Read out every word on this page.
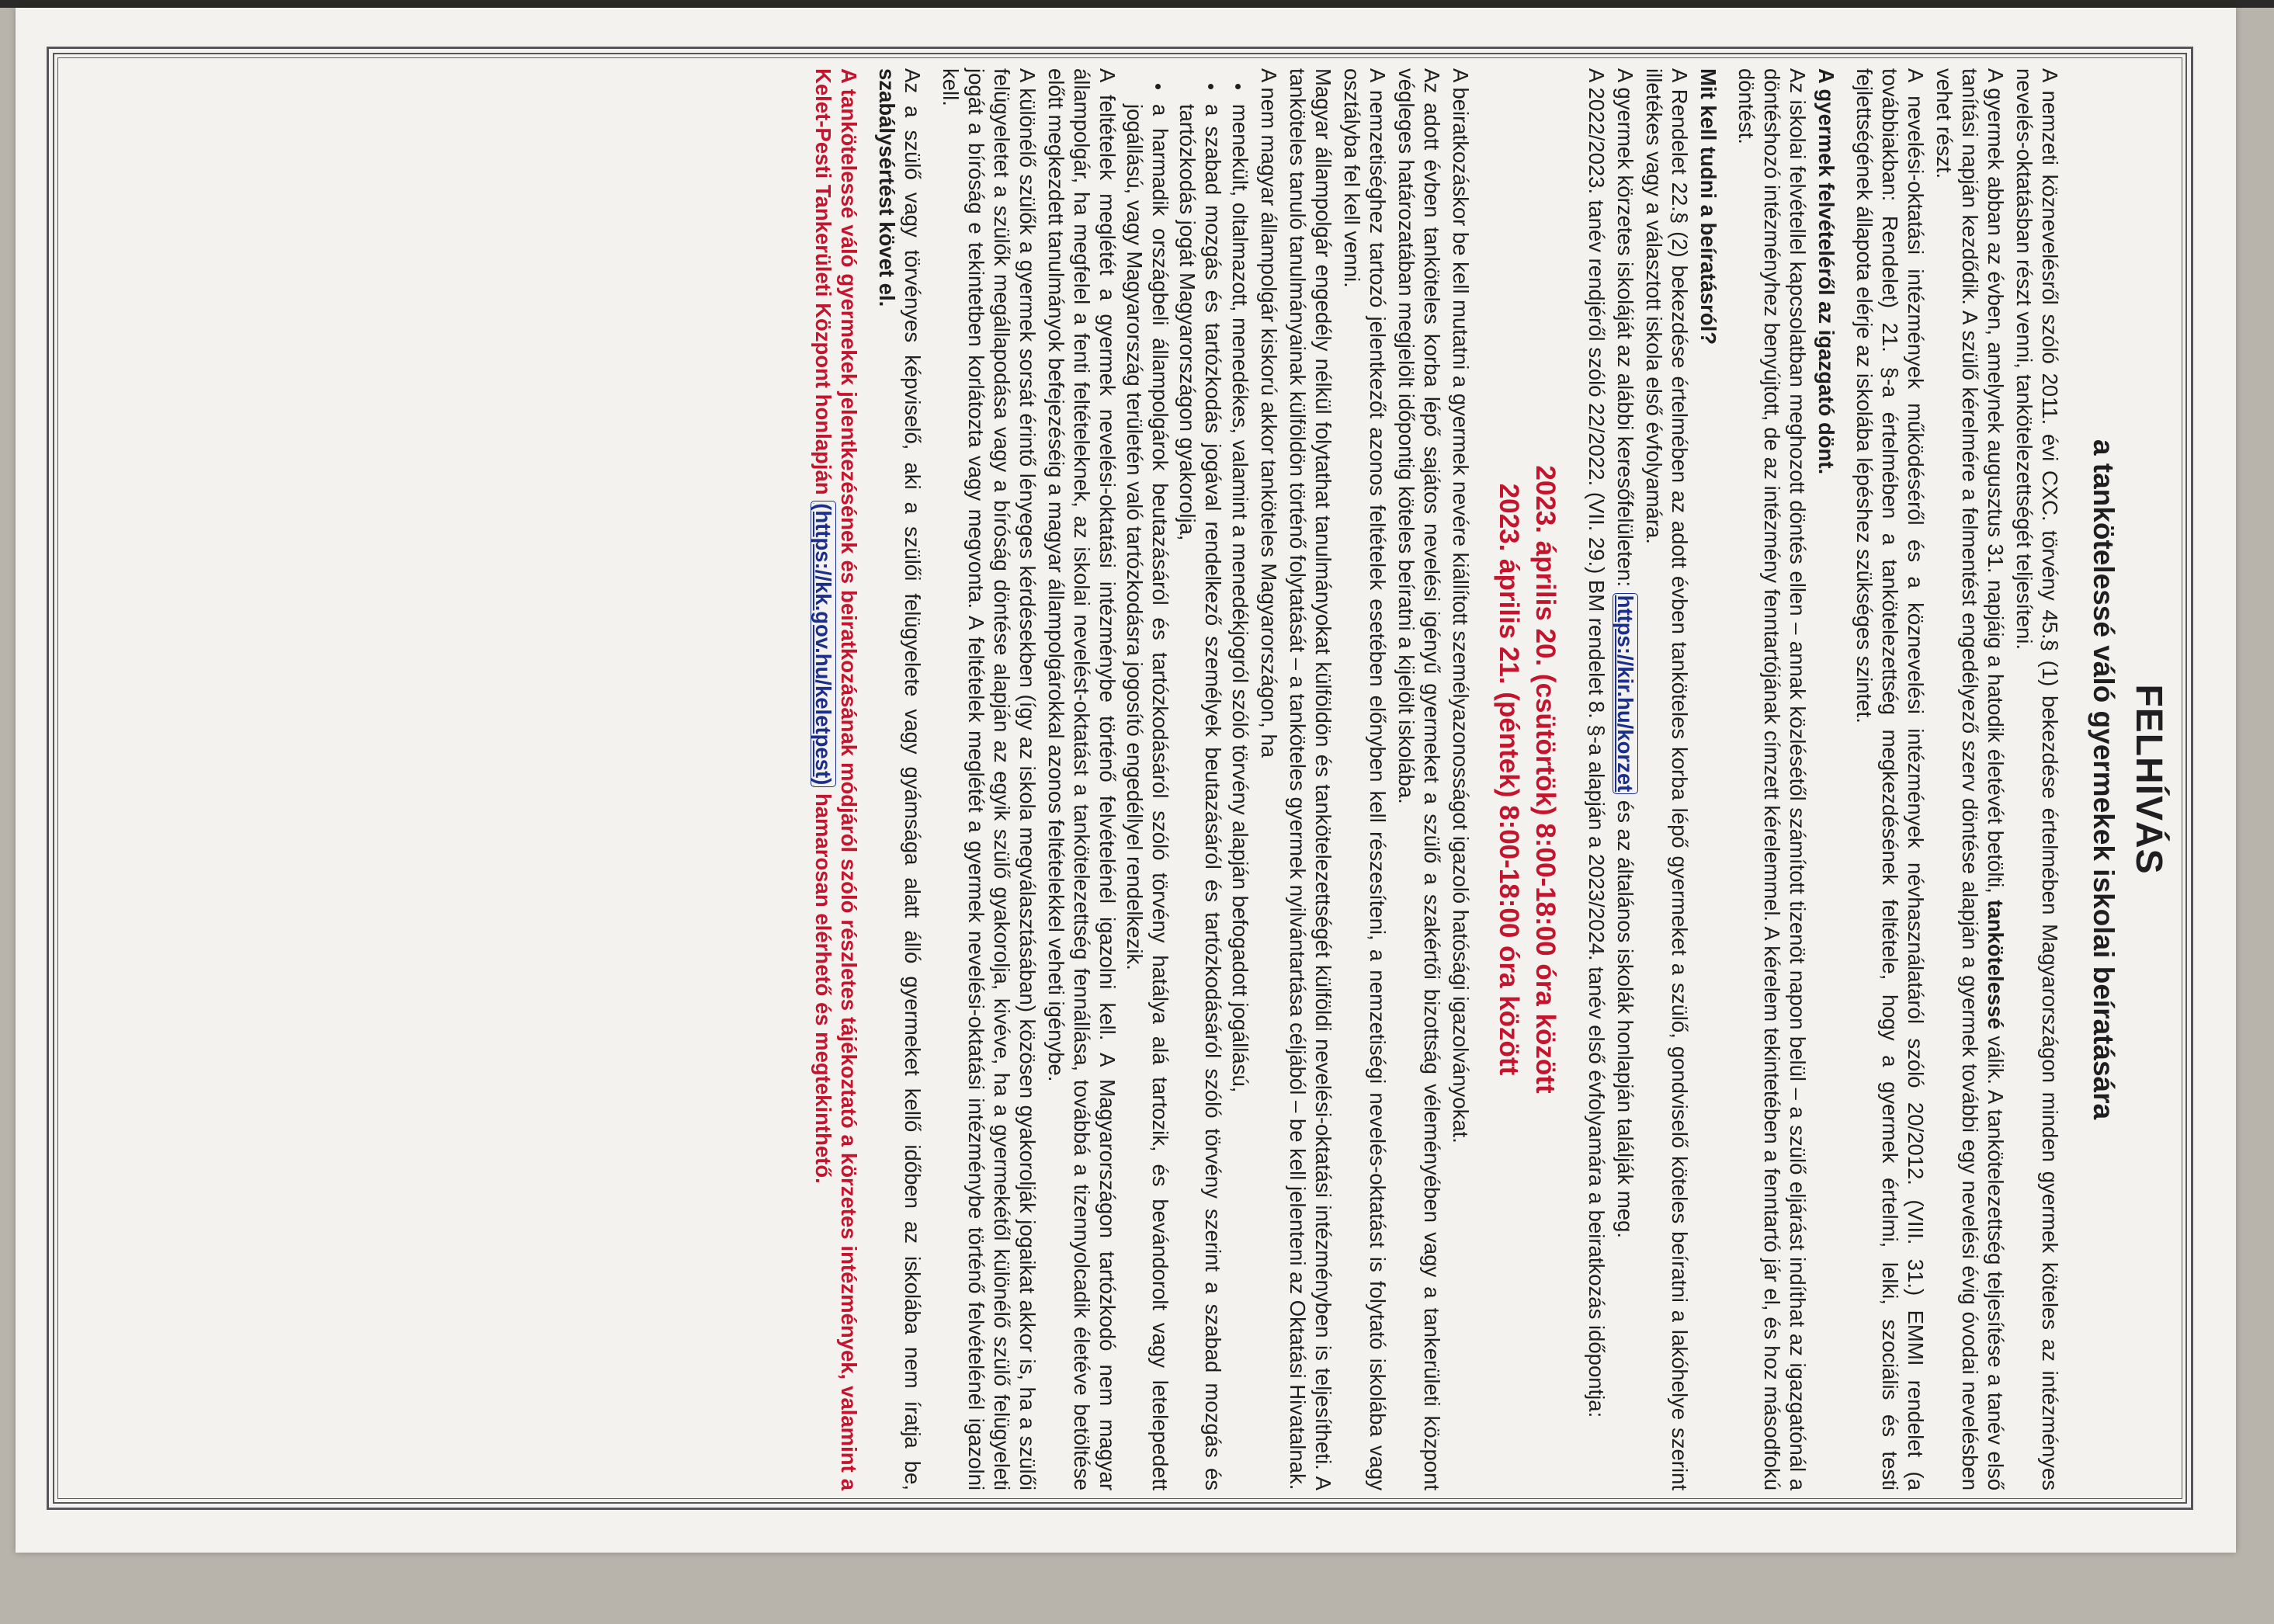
FELHÍVÁS
a tankötelessé váló gyermekek iskolai beíratására

A nemzeti köznevelésről szóló 2011. évi CXC. törvény 45.§ (1) bekezdése értelmében Magyarországon minden gyermek köteles az intézményes nevelés-oktatásban részt venni, tankötelezettségét teljesíteni.

A gyermek abban az évben, amelynek augusztus 31. napjáig a hatodik életévét betölti, tankötelessé válik. A tankötelezettség teljesítése a tanév első tanítási napján kezdődik. A szülő kérelmére a felmentést engedélyező szerv döntése alapján a gyermek további egy nevelési évig óvodai nevelésben vehet részt.

A nevelési-oktatási intézmények működéséről és a köznevelési intézmények névhasználatáról szóló 20/2012. (VIII. 31.) EMMI rendelet (a továbbiakban: Rendelet) 21. §-a értelmében a tankötelezettség megkezdésének feltétele, hogy a gyermek értelmi, lelki, szociális és testi fejlettségének állapota elérje az iskolába lépéshez szükséges szintet.

A gyermek felvételéről az igazgató dönt.

Az iskolai felvétellel kapcsolatban meghozott döntés ellen – annak közlésétől számított tizenöt napon belül – a szülő eljárást indíthat az igazgatónál a döntéshozó intézményhez benyújtott, de az intézmény fenntartójának címzett kérelemmel. A kérelem tekintetében a fenntartó jár el, és hoz másodfokú döntést.

Mit kell tudni a beíratásról?

A Rendelet 22.§ (2) bekezdése értelmében az adott évben tanköteles korba lépő gyermeket a szülő, gondviselő köteles beíratni a lakóhelye szerint illetékes vagy a választott iskola első évfolyamára.

A gyermek körzetes iskoláját az alábbi keresőfelületen: https://kir.hu/korzet és az általános iskolák honlapján találják meg.

A 2022/2023. tanév rendjéről szóló 22/2022. (VII. 29.) BM rendelet 8. §-a alapján a 2023/2024. tanév első évfolyamára a beiratkozás időpontja:

2023. április 20. (csütörtök) 8:00-18:00 óra között
2023. április 21. (péntek) 8:00-18:00 óra között

A beiratkozáskor be kell mutatni a gyermek nevére kiállított személyazonosságot igazoló hatósági igazolványokat.

Az adott évben tanköteles korba lépő sajátos nevelési igényű gyermeket a szülő a szakértői bizottság véleményében vagy a tankerületi központ végleges határozatában megjelölt időpontig köteles beíratni a kijelölt iskolába.

A nemzetiséghez tartozó jelentkezőt azonos feltételek esetében előnyben kell részesíteni, a nemzetiségi nevelés-oktatást is folytató iskolába vagy osztályba fel kell venni.

Magyar állampolgár engedély nélkül folytathat tanulmányokat külföldön és tankötelezettségét külföldi nevelési-oktatási intézményben is teljesítheti. A tanköteles tanuló tanulmányainak külföldön történő folytatását – a tanköteles gyermek nyilvántartása céljából – be kell jelenteni az Oktatási Hivatalnak.

A nem magyar állampolgár kiskorú akkor tanköteles Magyarországon, ha

• menekült, oltalmazott, menedékes, valamint a menedékjogról szóló törvény alapján befogadott jogállású,
• a szabad mozgás és tartózkodás jogával rendelkező személyek beutazásáról és tartózkodásáról szóló törvény szerint a szabad mozgás és tartózkodás jogát Magyarországon gyakorolja,
• a harmadik országbeli állampolgárok beutazásáról és tartózkodásáról szóló törvény hatálya alá tartozik, és bevándorolt vagy letelepedett jogállású, vagy Magyarország területén való tartózkodásra jogosító engedéllyel rendelkezik.

A feltételek meglétét a gyermek nevelési-oktatási intézménybe történő felvételénél igazolni kell. A Magyarországon tartózkodó nem magyar állampolgár, ha megfelel a fenti feltételeknek, az iskolai nevelést-oktatást a tankötelezettség fennállása, továbbá a tizennyolcadik életéve betöltése előtt megkezdett tanulmányok befejezéséig a magyar állampolgárokkal azonos feltételekkel veheti igénybe.

A különélő szülők a gyermek sorsát érintő lényeges kérdésekben (így az iskola megválasztásában) közösen gyakorolják jogaikat akkor is, ha a szülői felügyeletet a szülők megállapodása vagy a bíróság döntése alapján az egyik szülő gyakorolja, kivéve, ha a gyermekétől különélő szülő felügyeleti jogát a bíróság e tekintetben korlátozta vagy megvonta. A feltételek meglétét a gyermek nevelési-oktatási intézménybe történő felvételénél igazolni kell.

Az a szülő vagy törvényes képviselő, aki a szülői felügyelete vagy gyámsága alatt álló gyermeket kellő időben az iskolába nem íratja be, szabálysértést követ el.

A tankötelessé váló gyermekek jelentkezésének és beiratkozásának módjáról szóló részletes tájékoztató a körzetes intézmények, valamint a Kelet-Pesti Tankerületi Központ honlapján (https://kk.gov.hu/keletpest) hamarosan elérhető és megtekinthető.
